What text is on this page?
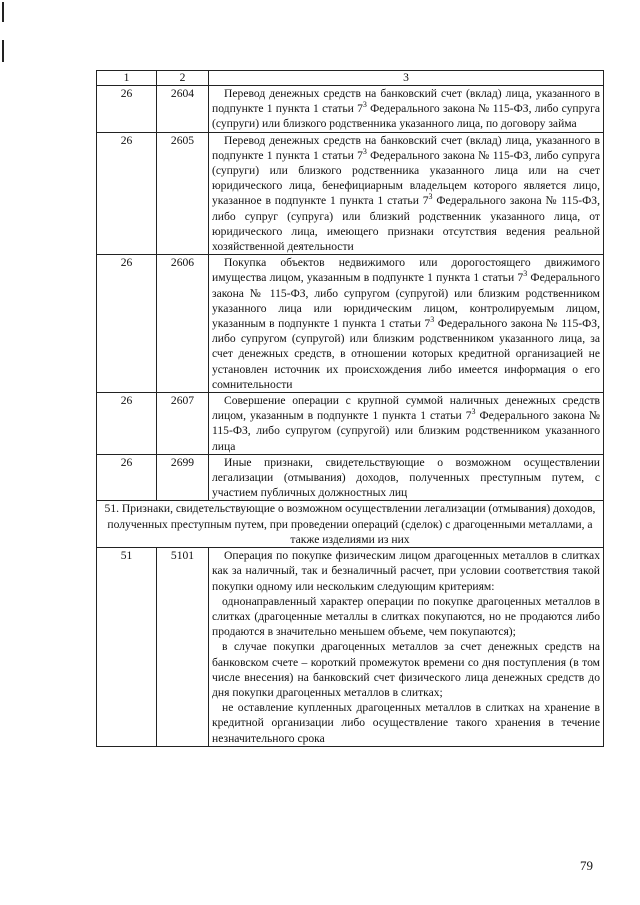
1	2	3
26	2604	Перевод денежных средств на банковский счет (вклад) лица, указанного в подпункте 1 пункта 1 статьи $7^3$ Федерального закона № 115-ФЗ, либо супруга (супруги) или близкого родственника указанного лица, по договору займа

26	2605	Перевод денежных средств на банковский счет (вклад) лица, указанного в подпункте 1 пункта 1 статьи $7^3$ Федерального закона № 115-ФЗ, либо супруга (супруги) или близкого родственника указанного лица или на счет юридического лица, бенефициарным владельцем которого является лицо, указанное в подпункте 1 пункта 1 статьи $7^3$ Федерального закона № 115-ФЗ, либо супруг (супруга) или близкий родственник указанного лица, от юридического лица, имеющего признаки отсутствия ведения реальной хозяйственной деятельности

26	2606	Покупка объектов недвижимого или дорогостоящего движимого имущества лицом, указанным в подпункте 1 пункта 1 статьи $7^3$ Федерального закона № 115-ФЗ, либо супругом (супругой) или близким родственником указанного лица или юридическим лицом, контролируемым лицом, указанным в подпункте 1 пункта 1 статьи $7^3$ Федерального закона № 115-ФЗ, либо супругом (супругой) или близким родственником указанного лица, за счет денежных средств, в отношении которых кредитной организацией не установлен источник их происхождения либо имеется информация о его сомнительности

26	2607	Совершение операции с крупной суммой наличных денежных средств лицом, указанным в подпункте 1 пункта 1 статьи $7^3$ Федерального закона № 115-ФЗ, либо супругом (супругой) или близким родственником указанного лица

26	2699	Иные признаки, свидетельствующие о возможном осуществлении легализации (отмывания) доходов, полученных преступным путем, с участием публичных должностных лиц

51. Признаки, свидетельствующие о возможном осуществлении легализации (отмывания) доходов, полученных преступным путем, при проведении операций (сделок) с драгоценными металлами, а также изделиями из них		
51	5101	Операция по покупке физическим лицом драгоценных металлов в слитках как за наличный, так и безналичный расчет, при условии соответствия такой покупки одному или нескольким следующим критериям:
однонаправленный характер операции по покупке драгоценных металлов в слитках (драгоценные металлы в слитках покупаются, но не продаются либо продаются в значительно меньшем объеме, чем покупаются);
в случае покупки драгоценных металлов за счет денежных средств на банковском счете – короткий промежуток времени со дня поступления (в том числе внесения) на банковский счет физического лица денежных средств до дня покупки драгоценных металлов в слитках;
не оставление купленных драгоценных металлов в слитках на хранение в кредитной организации либо осуществление такого хранения в течение незначительного срока
79
